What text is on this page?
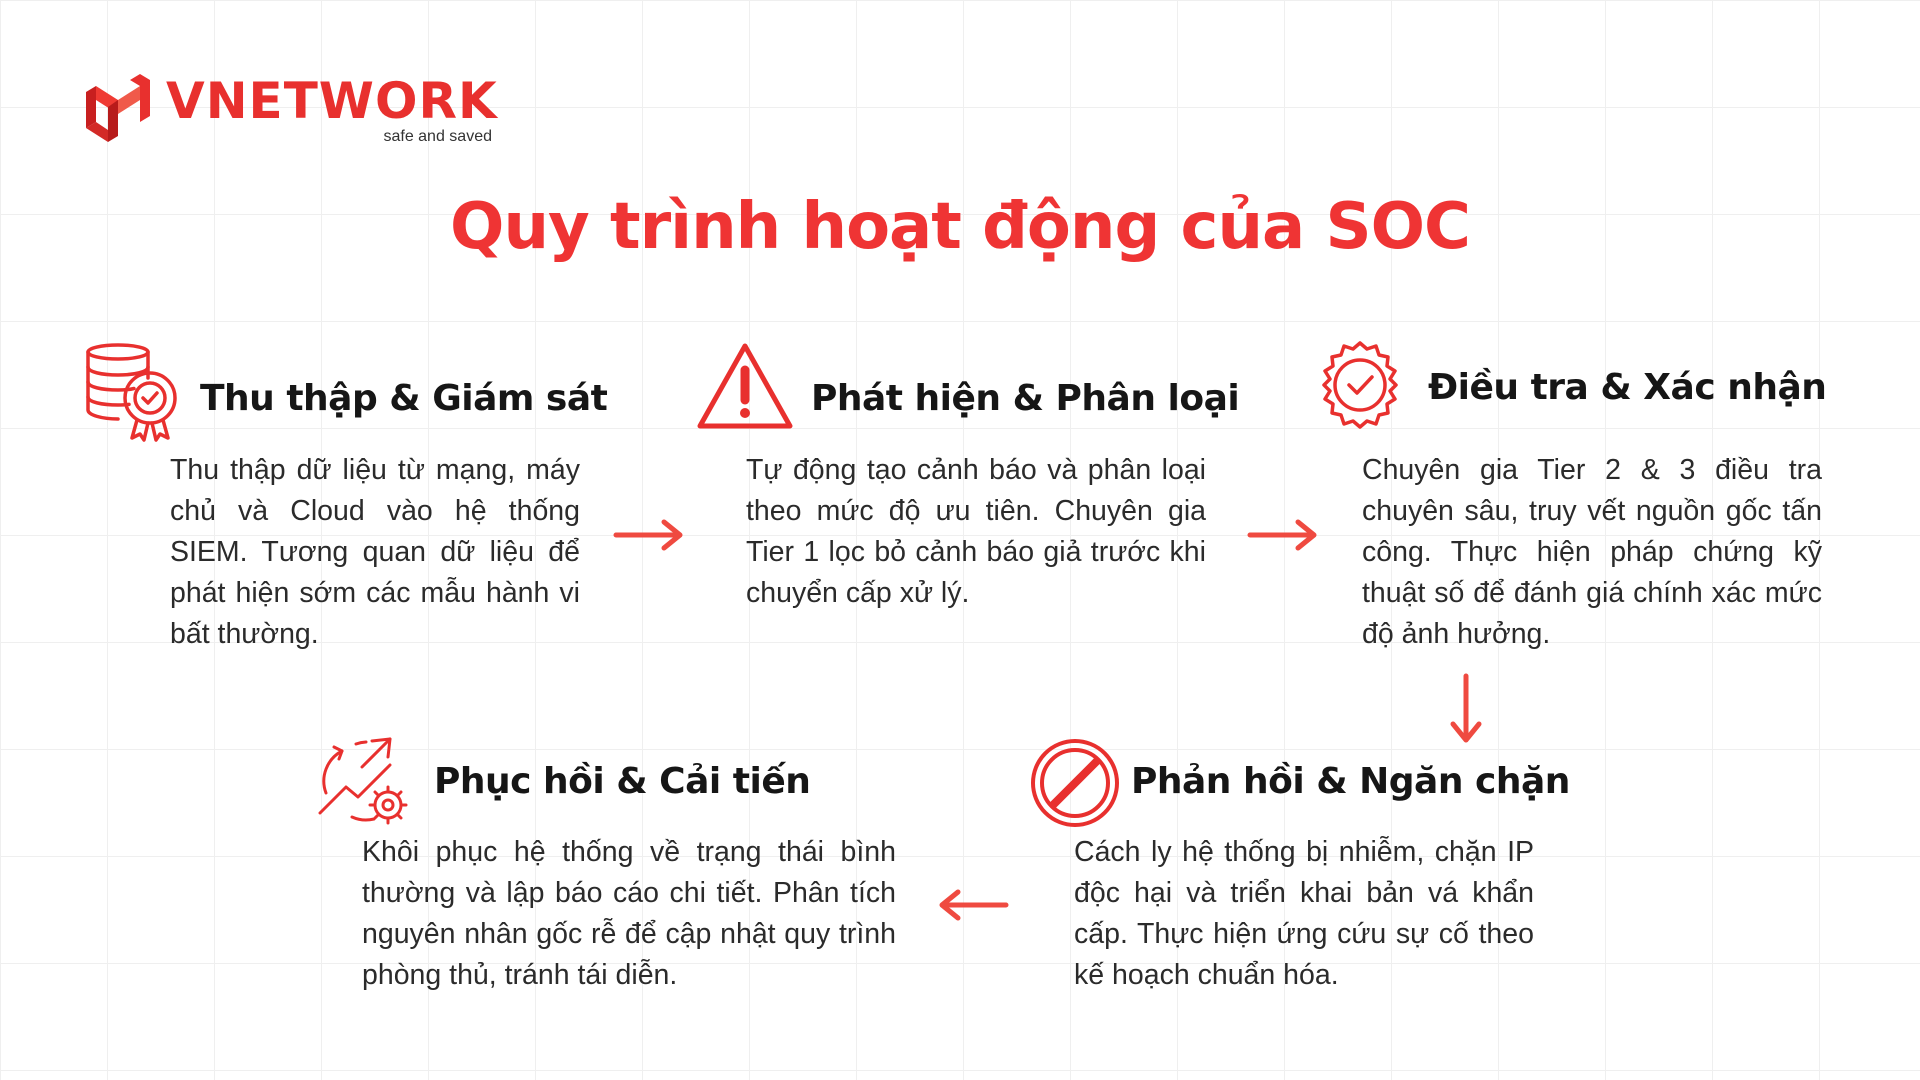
VNETWORK
safe and saved
Quy trình hoạt động của SOC
Thu thập & Giám sát

Thu thập dữ liệu từ mạng, máy chủ và Cloud vào hệ thống SIEM. Tương quan dữ liệu để phát hiện sớm các mẫu hành vi bất thường.

Phát hiện & Phân loại

Tự động tạo cảnh báo và phân loại theo mức độ ưu tiên. Chuyên gia Tier 1 lọc bỏ cảnh báo giả trước khi chuyển cấp xử lý.

Điều tra & Xác nhận

Chuyên gia Tier 2 & 3 điều tra chuyên sâu, truy vết nguồn gốc tấn công. Thực hiện pháp chứng kỹ thuật số để đánh giá chính xác mức độ ảnh hưởng.

Phản hồi & Ngăn chặn

Cách ly hệ thống bị nhiễm, chặn IP độc hại và triển khai bản vá khẩn cấp. Thực hiện ứng cứu sự cố theo kế hoạch chuẩn hóa.

Phục hồi & Cải tiến

Khôi phục hệ thống về trạng thái bình thường và lập báo cáo chi tiết. Phân tích nguyên nhân gốc rễ để cập nhật quy trình phòng thủ, tránh tái diễn.
